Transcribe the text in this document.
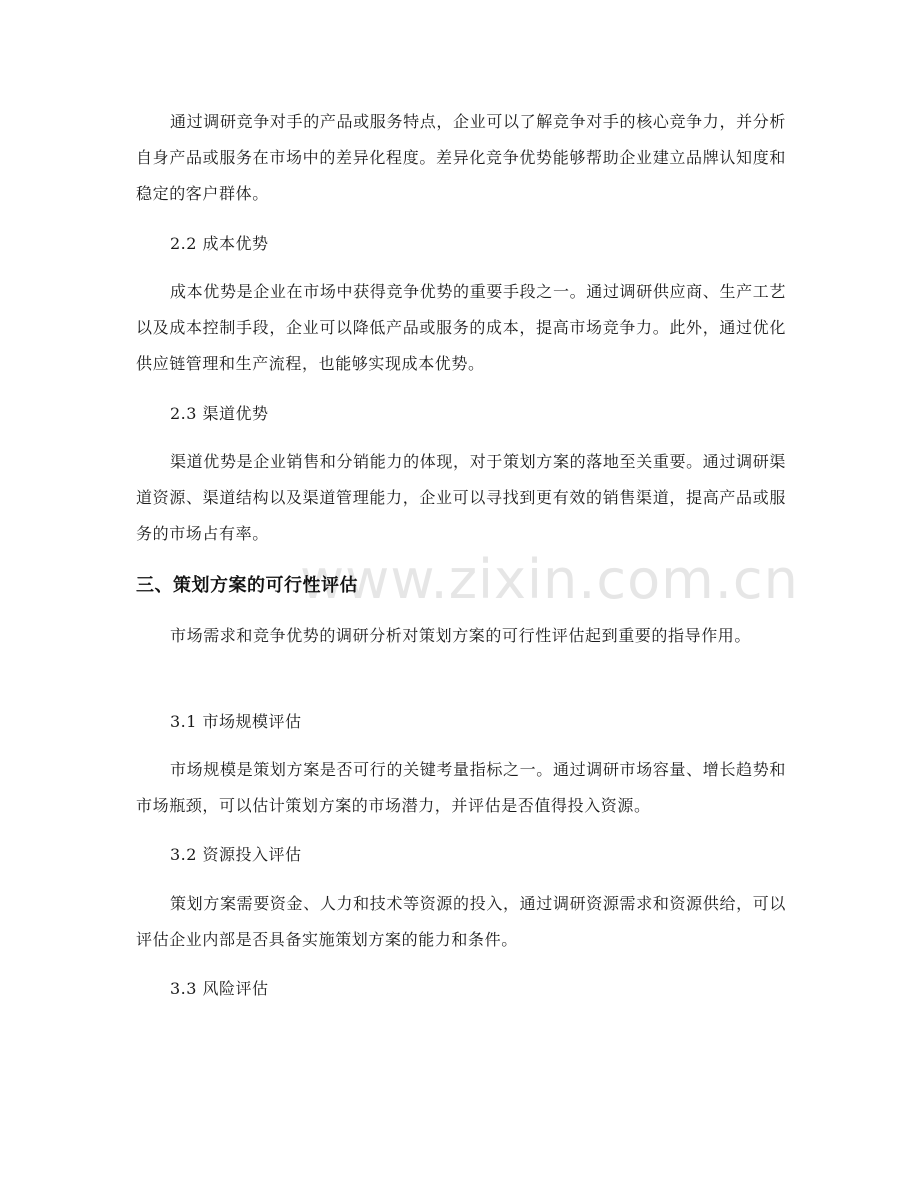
www.zixin.com.cn

通过调研竞争对手的产品或服务特点，企业可以了解竞争对手的核心竞争力，并分析自身产品或服务在市场中的差异化程度。差异化竞争优势能够帮助企业建立品牌认知度和稳定的客户群体。

2.2 成本优势

成本优势是企业在市场中获得竞争优势的重要手段之一。通过调研供应商、生产工艺以及成本控制手段，企业可以降低产品或服务的成本，提高市场竞争力。此外，通过优化供应链管理和生产流程，也能够实现成本优势。

2.3 渠道优势

渠道优势是企业销售和分销能力的体现，对于策划方案的落地至关重要。通过调研渠道资源、渠道结构以及渠道管理能力，企业可以寻找到更有效的销售渠道，提高产品或服务的市场占有率。

三、策划方案的可行性评估

市场需求和竞争优势的调研分析对策划方案的可行性评估起到重要的指导作用。

3.1 市场规模评估

市场规模是策划方案是否可行的关键考量指标之一。通过调研市场容量、增长趋势和市场瓶颈，可以估计策划方案的市场潜力，并评估是否值得投入资源。

3.2 资源投入评估

策划方案需要资金、人力和技术等资源的投入，通过调研资源需求和资源供给，可以评估企业内部是否具备实施策划方案的能力和条件。

3.3 风险评估
